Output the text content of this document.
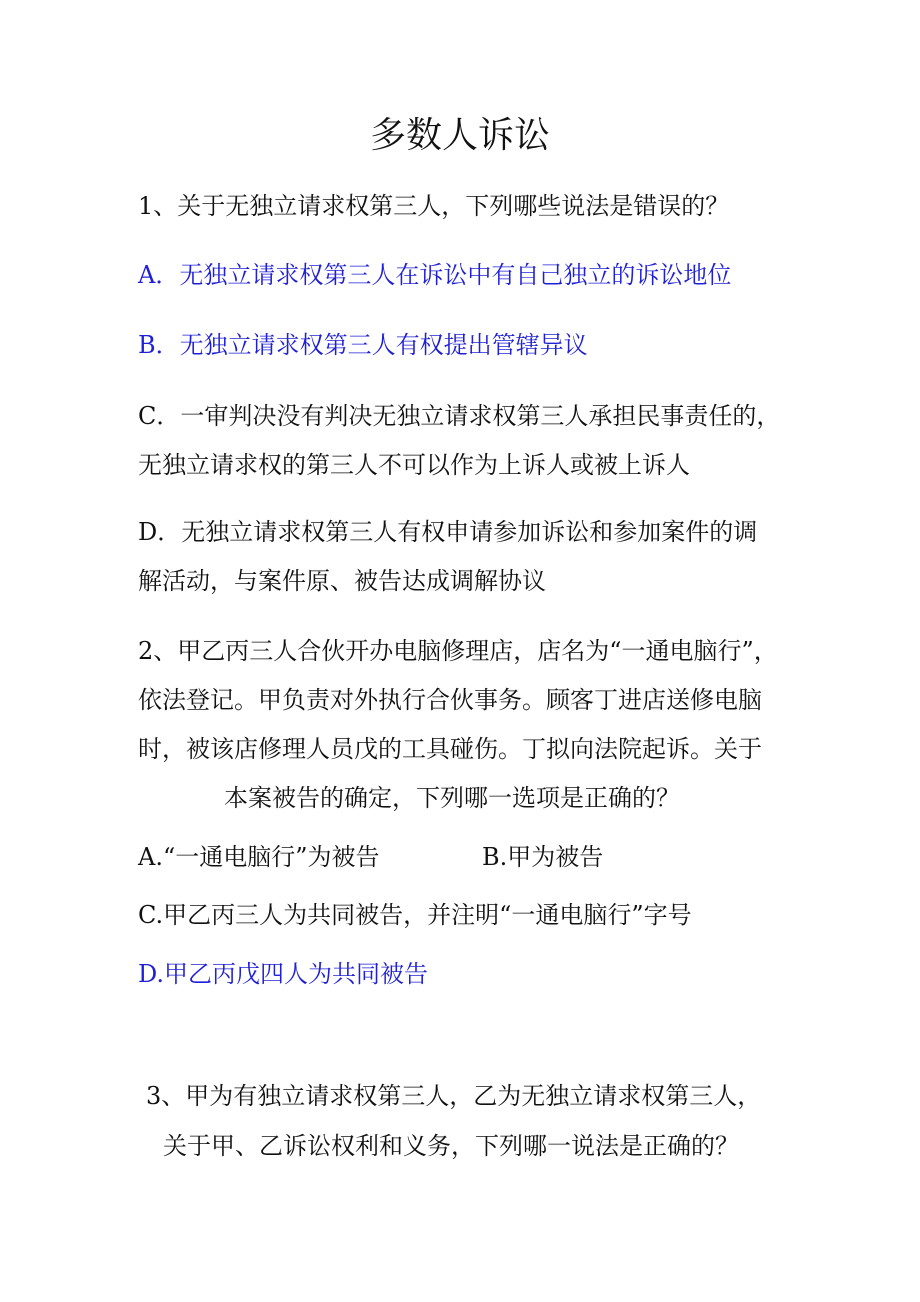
多数人诉讼

1、关于无独立请求权第三人，下列哪些说法是错误的？

A．无独立请求权第三人在诉讼中有自己独立的诉讼地位

B．无独立请求权第三人有权提出管辖异议

C．一审判决没有判决无独立请求权第三人承担民事责任的，

无独立请求权的第三人不可以作为上诉人或被上诉人

D．无独立请求权第三人有权申请参加诉讼和参加案件的调

解活动，与案件原、被告达成调解协议

2、甲乙丙三人合伙开办电脑修理店，店名为“一通电脑行”，

依法登记。甲负责对外执行合伙事务。顾客丁进店送修电脑

时，被该店修理人员戊的工具碰伤。丁拟向法院起诉。关于

本案被告的确定，下列哪一选项是正确的？

A.“一通电脑行”为被告	B.甲为被告

C.甲乙丙三人为共同被告，并注明“一通电脑行”字号

D.甲乙丙戊四人为共同被告

3、甲为有独立请求权第三人，乙为无独立请求权第三人，

关于甲、乙诉讼权利和义务，下列哪一说法是正确的？
